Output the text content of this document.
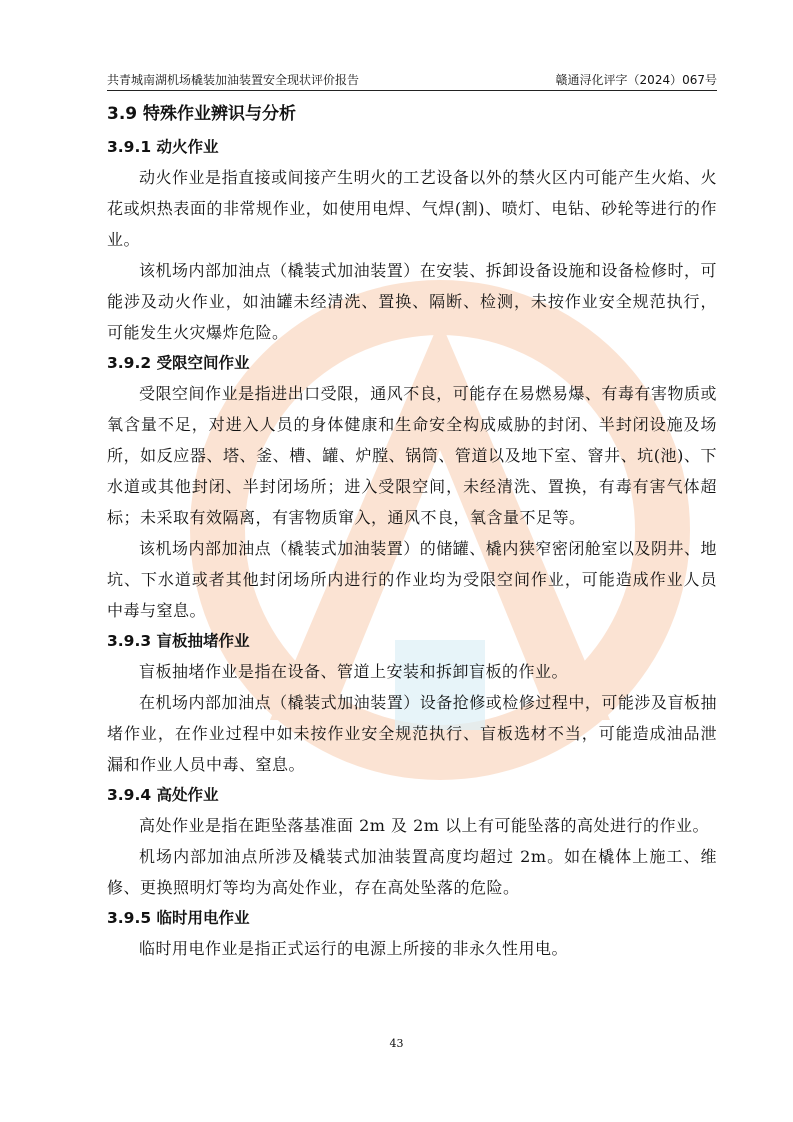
共青城南湖机场橇装加油装置安全现状评价报告	赣通浔化评字（2024）067号
3.9 特殊作业辨识与分析
3.9.1 动火作业

动火作业是指直接或间接产生明火的工艺设备以外的禁火区内可能产生火焰、火花或炽热表面的非常规作业，如使用电焊、气焊(割)、喷灯、电钻、砂轮等进行的作业。

该机场内部加油点（橇装式加油装置）在安装、拆卸设备设施和设备检修时，可能涉及动火作业，如油罐未经清洗、置换、隔断、检测，未按作业安全规范执行，可能发生火灾爆炸危险。

3.9.2 受限空间作业

受限空间作业是指进出口受限，通风不良，可能存在易燃易爆、有毒有害物质或氧含量不足，对进入人员的身体健康和生命安全构成威胁的封闭、半封闭设施及场所，如反应器、塔、釜、槽、罐、炉膛、锅筒、管道以及地下室、窨井、坑(池)、下水道或其他封闭、半封闭场所；进入受限空间，未经清洗、置换，有毒有害气体超标；未采取有效隔离，有害物质窜入，通风不良，氧含量不足等。

该机场内部加油点（橇装式加油装置）的储罐、橇内狭窄密闭舱室以及阴井、地坑、下水道或者其他封闭场所内进行的作业均为受限空间作业，可能造成作业人员中毒与窒息。

3.9.3 盲板抽堵作业

盲板抽堵作业是指在设备、管道上安装和拆卸盲板的作业。

在机场内部加油点（橇装式加油装置）设备抢修或检修过程中，可能涉及盲板抽堵作业，在作业过程中如未按作业安全规范执行、盲板选材不当，可能造成油品泄漏和作业人员中毒、窒息。

3.9.4 高处作业

高处作业是指在距坠落基准面 2m 及 2m 以上有可能坠落的高处进行的作业。

机场内部加油点所涉及橇装式加油装置高度均超过 2m。如在橇体上施工、维修、更换照明灯等均为高处作业，存在高处坠落的危险。

3.9.5 临时用电作业

临时用电作业是指正式运行的电源上所接的非永久性用电。

43
